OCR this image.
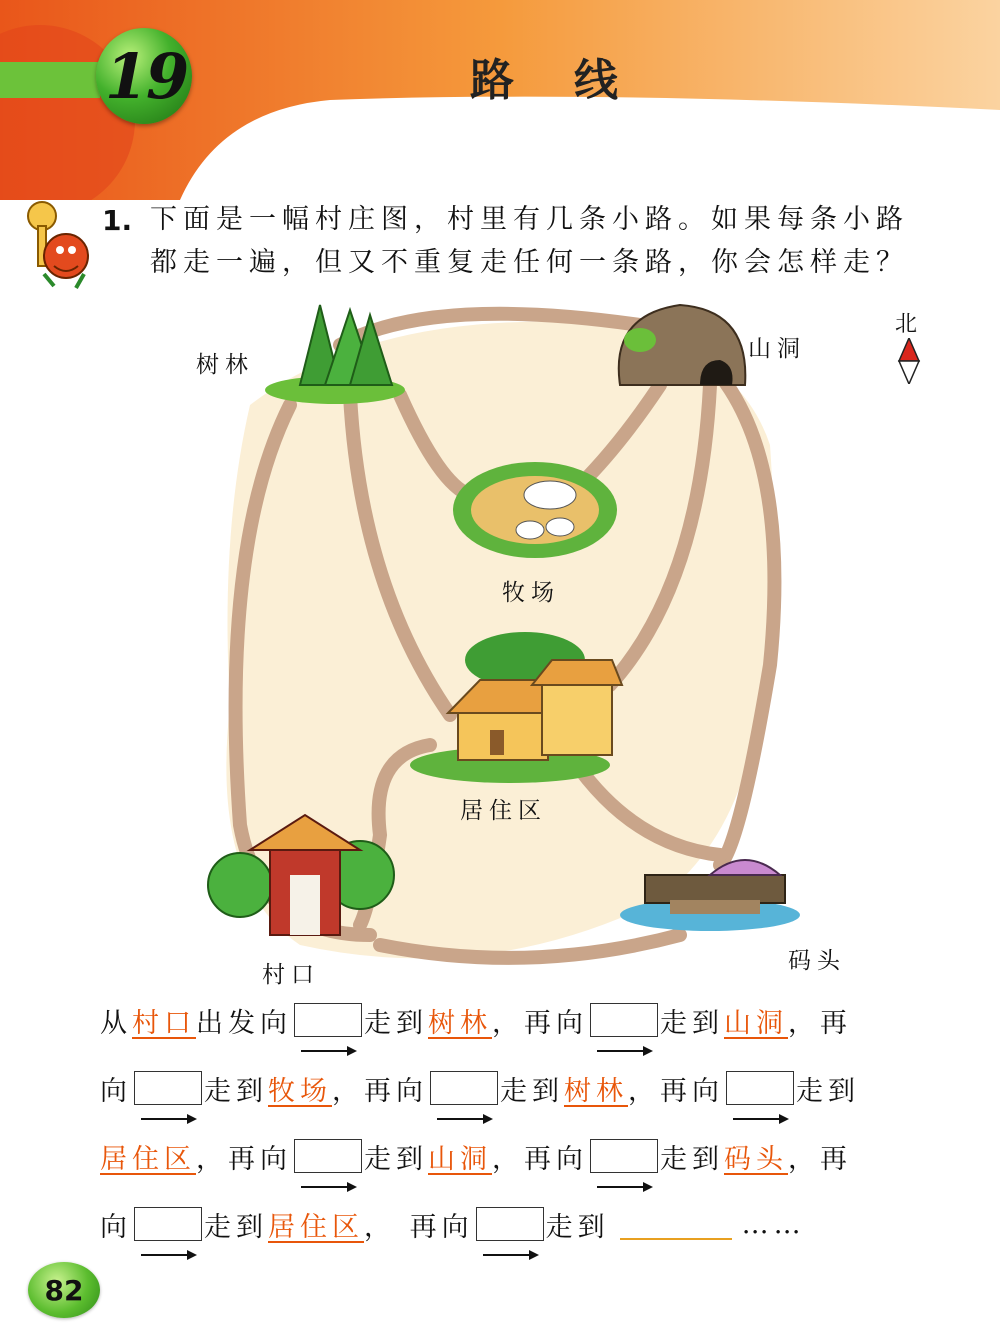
19	路线
1. 下面是一幅村庄图，村里有几条小路。如果每条小路都走一遍，但又不重复走任何一条路，你会怎样走？
树林
山洞
牧场
居住区
村口
码头
北
从 村口 出发向	走到 树林 ，再向	走到 山洞 ，再
向	走到 牧场 ，再向	走到 树林 ，再向	走到
居住区 ，再向	走到 山洞 ，再向	走到 码头 ，再
向	走到 居住区 ， 再向	走到	……
82
